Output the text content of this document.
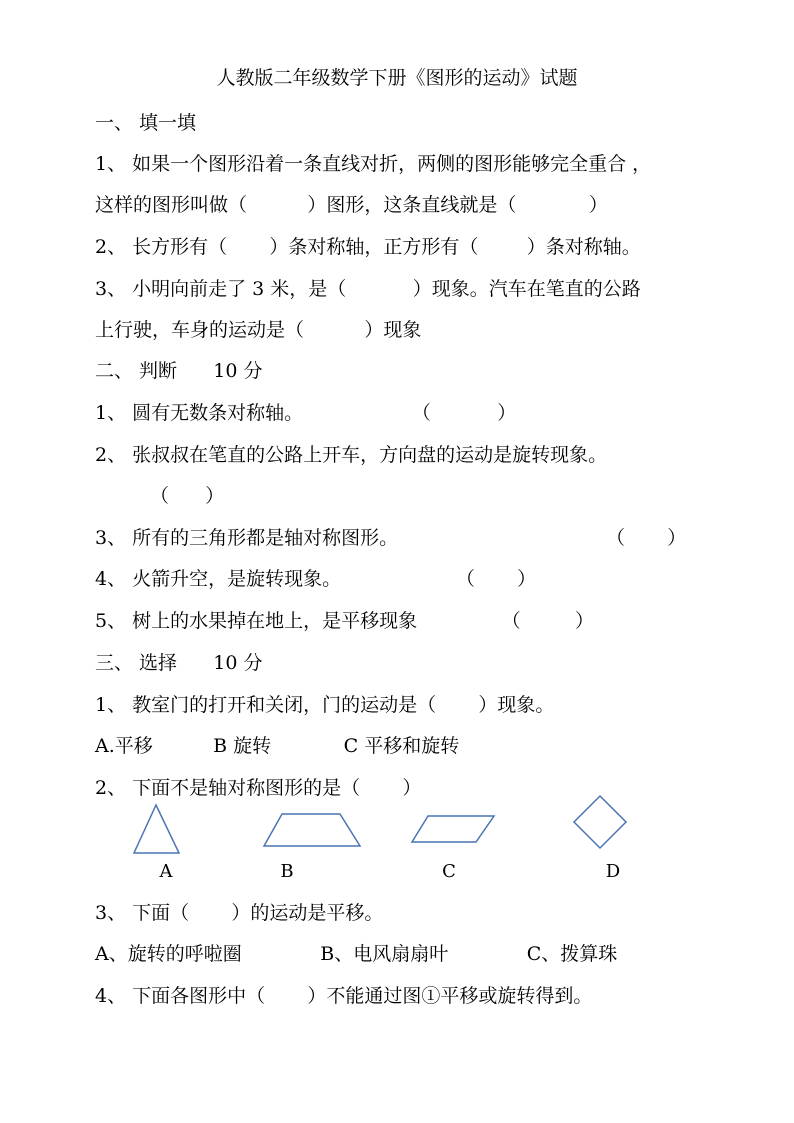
人教版二年级数学下册《图形的运动》试题
一、 填一填
1、 如果一个图形沿着一条直线对折，两侧的图形能够完全重合 ，
这样的图形叫做（          ）图形，这条直线就是（            ）
2、 长方形有（       ）条对称轴，正方形有（        ）条对称轴。
3、 小明向前走了 3 米，是（           ）现象。汽车在笔直的公路
上行驶，车身的运动是（          ）现象
二、 判断      10 分
1、 圆有无数条对称轴。                  （           ）
2、 张叔叔在笔直的公路上开车，方向盘的运动是旋转现象。
（      ）
3、 所有的三角形都是轴对称图形。	（       ）
4、 火箭升空，是旋转现象。                   （       ）
5、 树上的水果掉在地上，是平移现象              （         ）
三、 选择      10 分
1、 教室门的打开和关闭，门的运动是（       ）现象。
A.平移          B 旋转            C 平移和旋转
2、 下面不是轴对称图形的是（       ）
A	B	C	D
3、 下面（       ）的运动是平移。
A、旋转的呼啦圈             B、电风扇扇叶             C、拨算珠
4、 下面各图形中（       ）不能通过图①平移或旋转得到。
